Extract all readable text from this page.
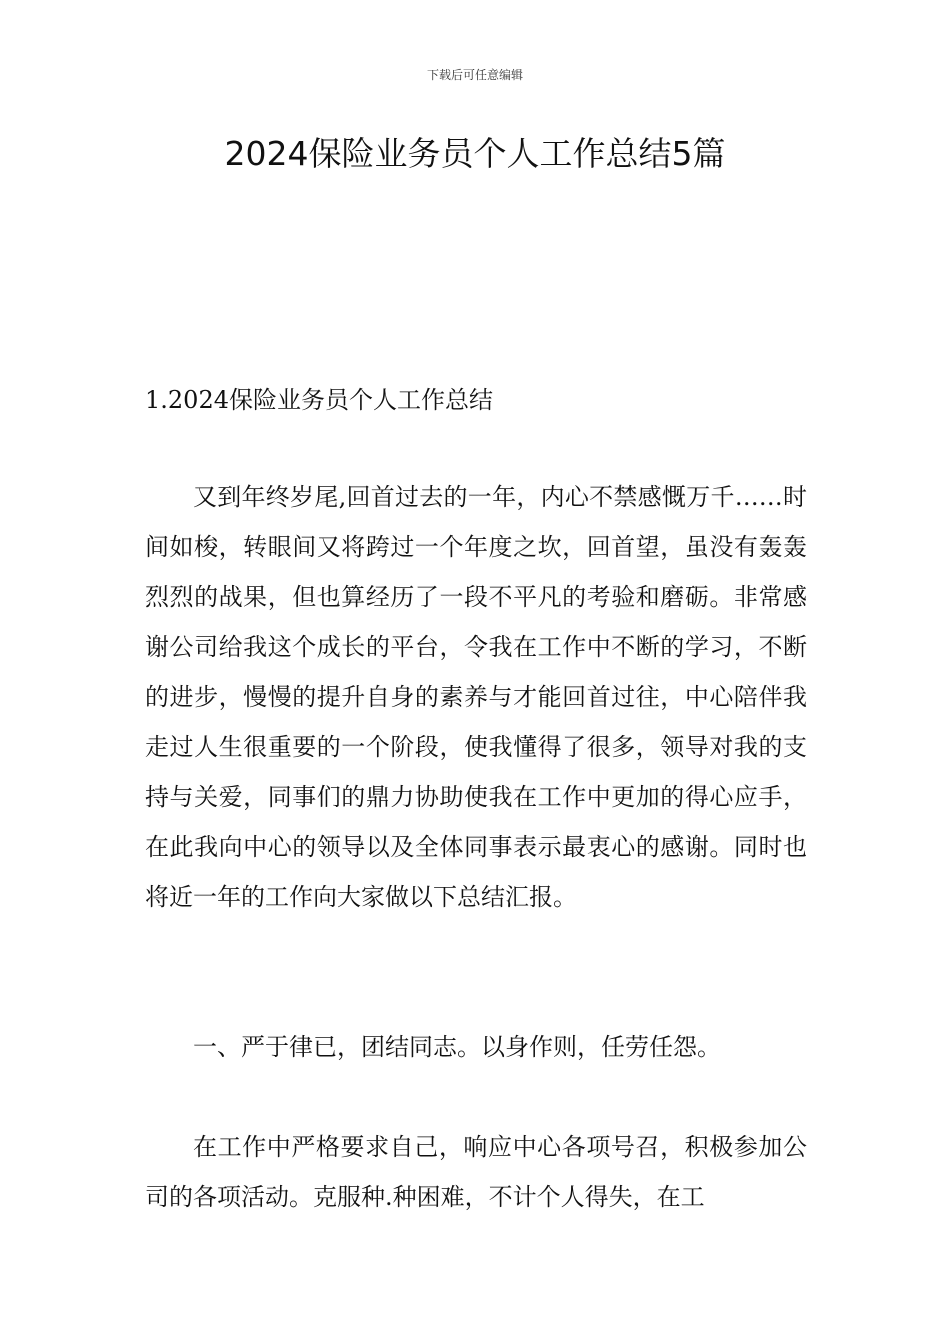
下载后可任意编辑
2024保险业务员个人工作总结5篇
1.2024保险业务员个人工作总结

又到年终岁尾,回首过去的一年，内心不禁感慨万千……时间如梭，转眼间又将跨过一个年度之坎，回首望，虽没有轰轰烈烈的战果，但也算经历了一段不平凡的考验和磨砺。非常感谢公司给我这个成长的平台，令我在工作中不断的学习，不断的进步，慢慢的提升自身的素养与才能回首过往，中心陪伴我走过人生很重要的一个阶段，使我懂得了很多，领导对我的支持与关爱，同事们的鼎力协助使我在工作中更加的得心应手，在此我向中心的领导以及全体同事表示最衷心的感谢。同时也将近一年的工作向大家做以下总结汇报。

一、严于律已，团结同志。以身作则，任劳任怨。

在工作中严格要求自己，响应中心各项号召，积极参加公司的各项活动。克服种.种困难，不计个人得失，在工
